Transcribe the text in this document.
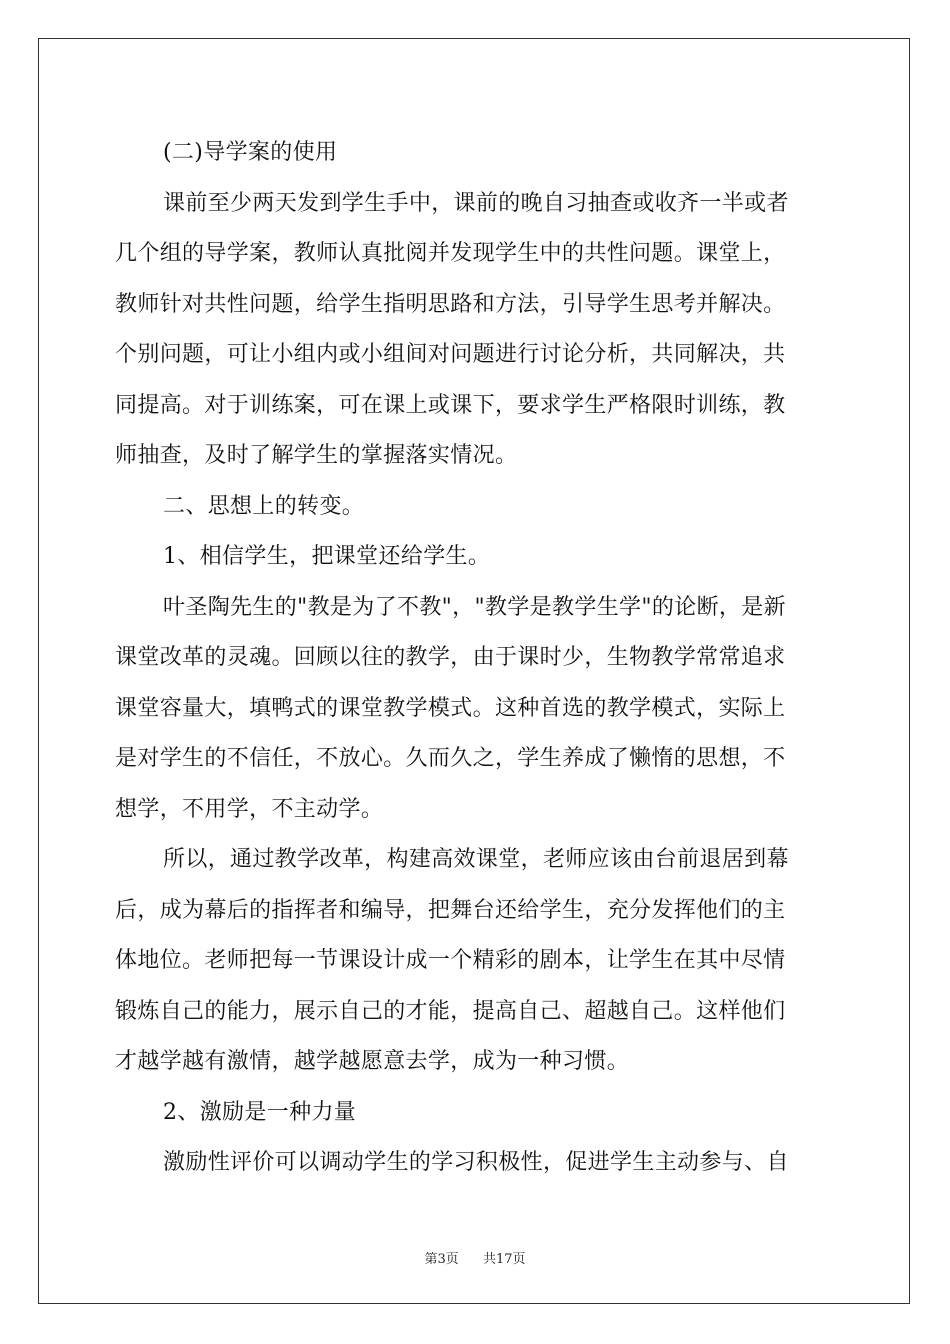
(二)导学案的使用
课前至少两天发到学生手中，课前的晚自习抽查或收齐一半或者
几个组的导学案，教师认真批阅并发现学生中的共性问题。课堂上，
教师针对共性问题，给学生指明思路和方法，引导学生思考并解决。
个别问题，可让小组内或小组间对问题进行讨论分析，共同解决，共
同提高。对于训练案，可在课上或课下，要求学生严格限时训练，教
师抽查，及时了解学生的掌握落实情况。
二、思想上的转变。
1、相信学生，把课堂还给学生。
叶圣陶先生的"教是为了不教"，"教学是教学生学"的论断，是新
课堂改革的灵魂。回顾以往的教学，由于课时少，生物教学常常追求
课堂容量大，填鸭式的课堂教学模式。这种首选的教学模式，实际上
是对学生的不信任，不放心。久而久之，学生养成了懒惰的思想，不
想学，不用学，不主动学。
所以，通过教学改革，构建高效课堂，老师应该由台前退居到幕
后，成为幕后的指挥者和编导，把舞台还给学生，充分发挥他们的主
体地位。老师把每一节课设计成一个精彩的剧本，让学生在其中尽情
锻炼自己的能力，展示自己的才能，提高自己、超越自己。这样他们
才越学越有激情，越学越愿意去学，成为一种习惯。
2、激励是一种力量
激励性评价可以调动学生的学习积极性，促进学生主动参与、自
第3页 共17页
